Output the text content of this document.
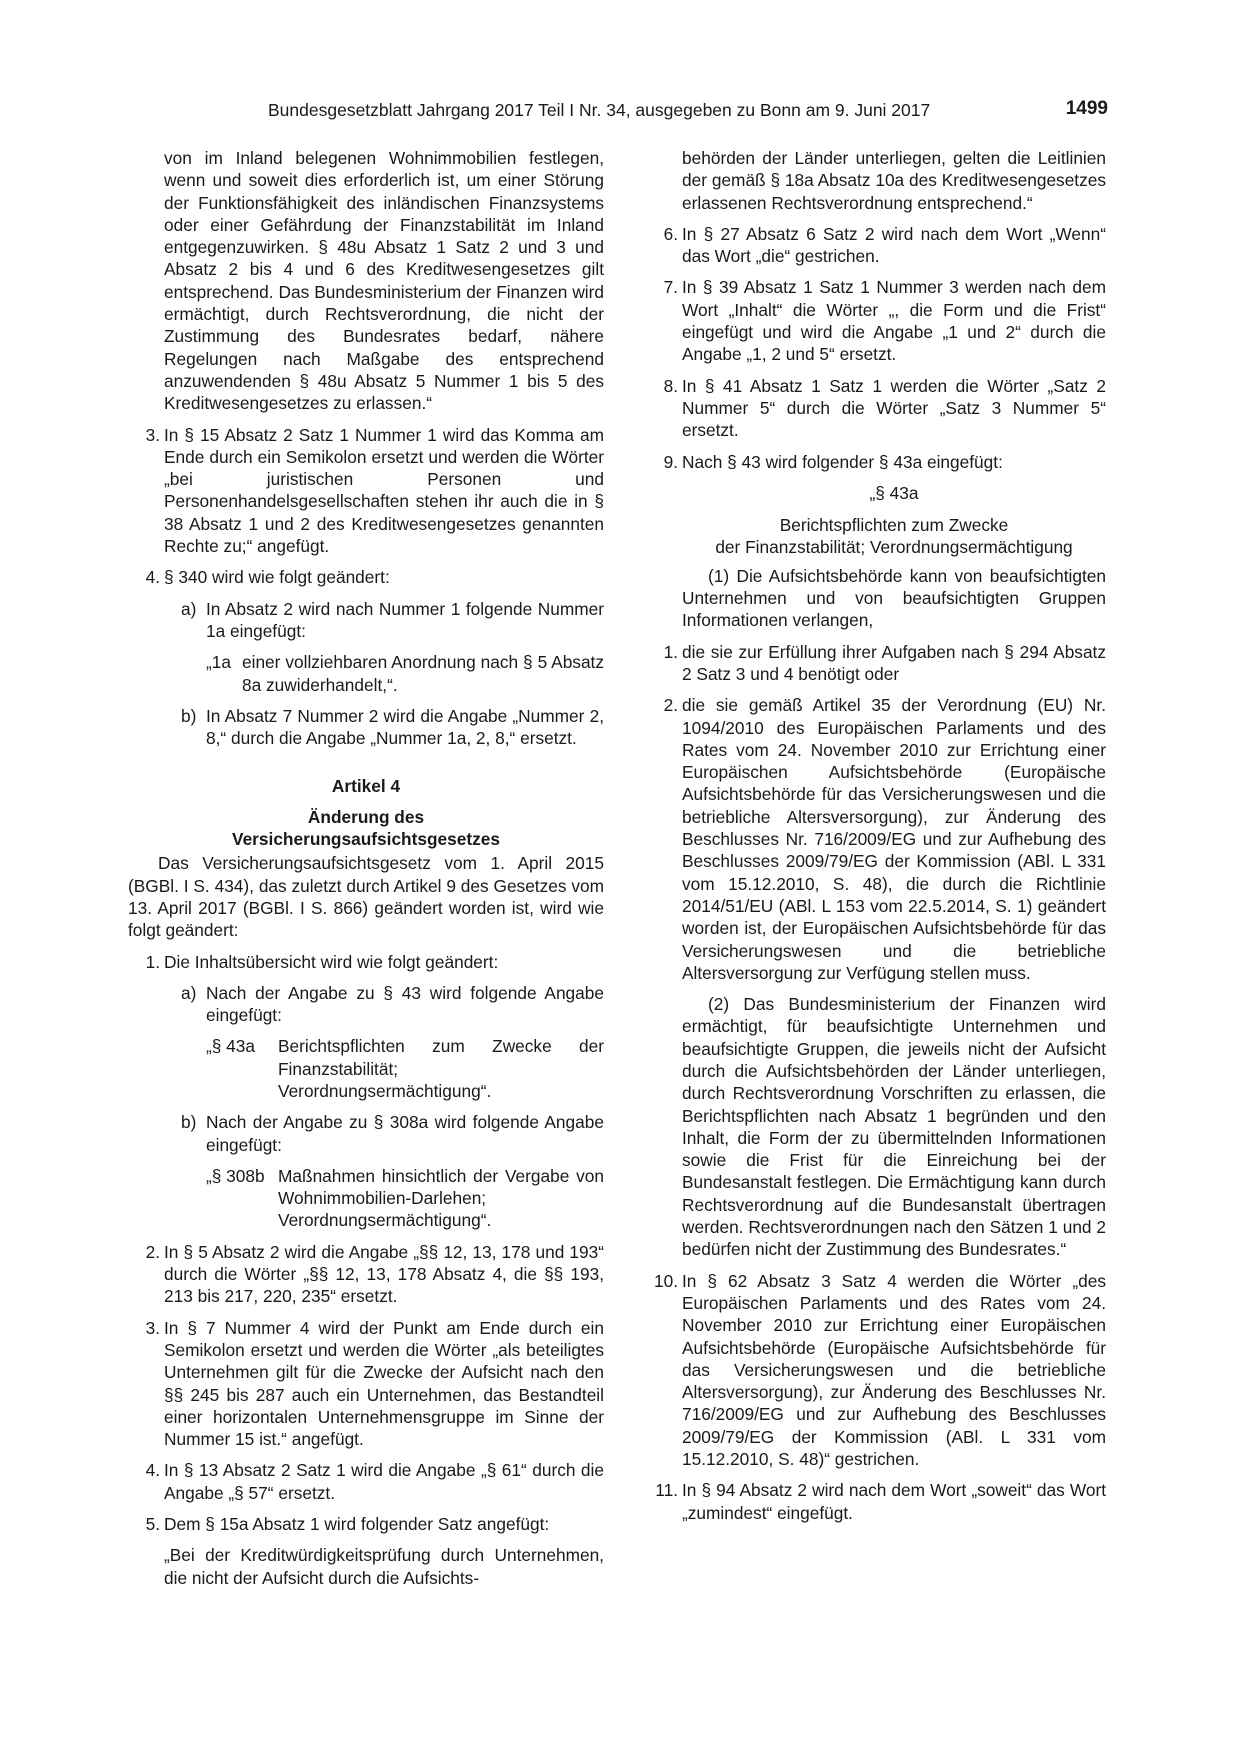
Bundesgesetzblatt Jahrgang 2017 Teil I Nr. 34, ausgegeben zu Bonn am 9. Juni 2017	1499
von im Inland belegenen Wohnimmobilien festlegen, wenn und soweit dies erforderlich ist, um einer Störung der Funktionsfähigkeit des inländischen Finanzsystems oder einer Gefährdung der Finanzstabilität im Inland entgegenzuwirken. § 48u Absatz 1 Satz 2 und 3 und Absatz 2 bis 4 und 6 des Kreditwesengesetzes gilt entsprechend. Das Bundesministerium der Finanzen wird ermächtigt, durch Rechtsverordnung, die nicht der Zustimmung des Bundesrates bedarf, nähere Regelungen nach Maßgabe des entsprechend anzuwendenden § 48u Absatz 5 Nummer 1 bis 5 des Kreditwesengesetzes zu erlassen.“
3. In § 15 Absatz 2 Satz 1 Nummer 1 wird das Komma am Ende durch ein Semikolon ersetzt und werden die Wörter „bei juristischen Personen und Personenhandelsgesellschaften stehen ihr auch die in § 38 Absatz 1 und 2 des Kreditwesengesetzes genannten Rechte zu;“ angefügt.
4. § 340 wird wie folgt geändert:
a) In Absatz 2 wird nach Nummer 1 folgende Nummer 1a eingefügt:
„1a einer vollziehbaren Anordnung nach § 5 Absatz 8a zuwiderhandelt,“.
b) In Absatz 7 Nummer 2 wird die Angabe „Nummer 2, 8,“ durch die Angabe „Nummer 1a, 2, 8,“ ersetzt.
Artikel 4
Änderung des
Versicherungsaufsichtsgesetzes
Das Versicherungsaufsichtsgesetz vom 1. April 2015 (BGBl. I S. 434), das zuletzt durch Artikel 9 des Gesetzes vom 13. April 2017 (BGBl. I S. 866) geändert worden ist, wird wie folgt geändert:
1. Die Inhaltsübersicht wird wie folgt geändert:
a) Nach der Angabe zu § 43 wird folgende Angabe eingefügt:
„§ 43a Berichtspflichten zum Zwecke der Finanzstabilität; Verordnungsermächtigung“.
b) Nach der Angabe zu § 308a wird folgende Angabe eingefügt:
„§ 308b Maßnahmen hinsichtlich der Vergabe von Wohnimmobilien-Darlehen; Verordnungsermächtigung“.
2. In § 5 Absatz 2 wird die Angabe „§§ 12, 13, 178 und 193“ durch die Wörter „§§ 12, 13, 178 Absatz 4, die §§ 193, 213 bis 217, 220, 235“ ersetzt.
3. In § 7 Nummer 4 wird der Punkt am Ende durch ein Semikolon ersetzt und werden die Wörter „als beteiligtes Unternehmen gilt für die Zwecke der Aufsicht nach den §§ 245 bis 287 auch ein Unternehmen, das Bestandteil einer horizontalen Unternehmensgruppe im Sinne der Nummer 15 ist.“ angefügt.
4. In § 13 Absatz 2 Satz 1 wird die Angabe „§ 61“ durch die Angabe „§ 57“ ersetzt.
5. Dem § 15a Absatz 1 wird folgender Satz angefügt:
„Bei der Kreditwürdigkeitsprüfung durch Unternehmen, die nicht der Aufsicht durch die Aufsichts-
behörden der Länder unterliegen, gelten die Leitlinien der gemäß § 18a Absatz 10a des Kreditwesengesetzes erlassenen Rechtsverordnung entsprechend.“
6. In § 27 Absatz 6 Satz 2 wird nach dem Wort „Wenn“ das Wort „die“ gestrichen.
7. In § 39 Absatz 1 Satz 1 Nummer 3 werden nach dem Wort „Inhalt“ die Wörter „, die Form und die Frist“ eingefügt und wird die Angabe „1 und 2“ durch die Angabe „1, 2 und 5“ ersetzt.
8. In § 41 Absatz 1 Satz 1 werden die Wörter „Satz 2 Nummer 5“ durch die Wörter „Satz 3 Nummer 5“ ersetzt.
9. Nach § 43 wird folgender § 43a eingefügt:
„§ 43a
Berichtspflichten zum Zwecke
der Finanzstabilität; Verordnungsermächtigung
(1) Die Aufsichtsbehörde kann von beaufsichtigten Unternehmen und von beaufsichtigten Gruppen Informationen verlangen,
1. die sie zur Erfüllung ihrer Aufgaben nach § 294 Absatz 2 Satz 3 und 4 benötigt oder
2. die sie gemäß Artikel 35 der Verordnung (EU) Nr. 1094/2010 des Europäischen Parlaments und des Rates vom 24. November 2010 zur Errichtung einer Europäischen Aufsichtsbehörde (Europäische Aufsichtsbehörde für das Versicherungswesen und die betriebliche Altersversorgung), zur Änderung des Beschlusses Nr. 716/2009/EG und zur Aufhebung des Beschlusses 2009/79/EG der Kommission (ABl. L 331 vom 15.12.2010, S. 48), die durch die Richtlinie 2014/51/EU (ABl. L 153 vom 22.5.2014, S. 1) geändert worden ist, der Europäischen Aufsichtsbehörde für das Versicherungswesen und die betriebliche Altersversorgung zur Verfügung stellen muss.
(2) Das Bundesministerium der Finanzen wird ermächtigt, für beaufsichtigte Unternehmen und beaufsichtigte Gruppen, die jeweils nicht der Aufsicht durch die Aufsichtsbehörden der Länder unterliegen, durch Rechtsverordnung Vorschriften zu erlassen, die Berichtspflichten nach Absatz 1 begründen und den Inhalt, die Form der zu übermittelnden Informationen sowie die Frist für die Einreichung bei der Bundesanstalt festlegen. Die Ermächtigung kann durch Rechtsverordnung auf die Bundesanstalt übertragen werden. Rechtsverordnungen nach den Sätzen 1 und 2 bedürfen nicht der Zustimmung des Bundesrates.“
10. In § 62 Absatz 3 Satz 4 werden die Wörter „des Europäischen Parlaments und des Rates vom 24. November 2010 zur Errichtung einer Europäischen Aufsichtsbehörde (Europäische Aufsichtsbehörde für das Versicherungswesen und die betriebliche Altersversorgung), zur Änderung des Beschlusses Nr. 716/2009/EG und zur Aufhebung des Beschlusses 2009/79/EG der Kommission (ABl. L 331 vom 15.12.2010, S. 48)“ gestrichen.
11. In § 94 Absatz 2 wird nach dem Wort „soweit“ das Wort „zumindest“ eingefügt.
